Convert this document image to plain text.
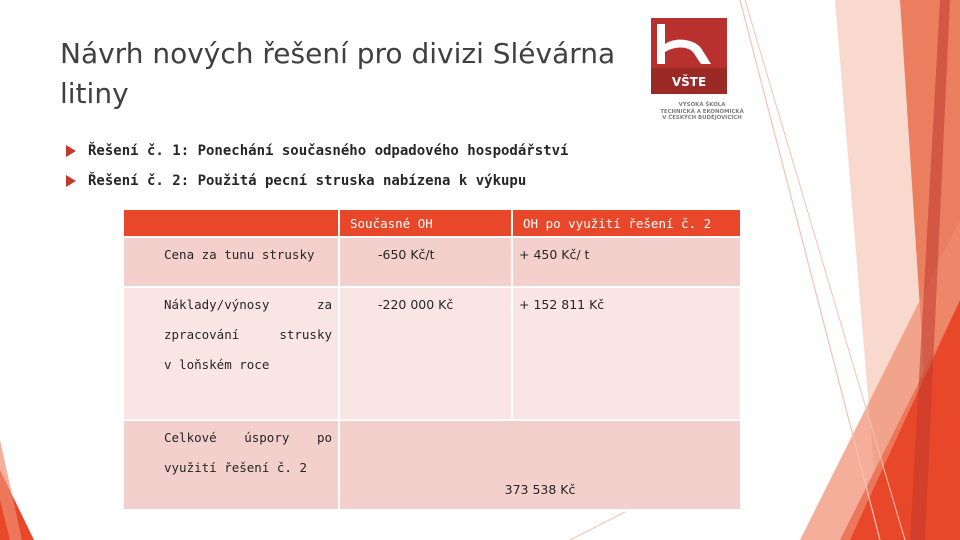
Návrh nových řešení pro divizi Slévárna litiny	VŠTE
VYSOKÁ ŠKOLA
TECHNICKÁ A EKONOMICKÁ
V ČESKÝCH BUDĚJOVICÍCH
Řešení č. 1: Ponechání současného odpadového hospodářství
Řešení č. 2: Použitá pecní struska nabízena k výkupu

	Současné OH	OH po využití řešení č. 2

Cena za tunu strusky	-650 Kč/t	+ 450 Kč/ t

Náklady/výnosy za
zpracování strusky
v loňském roce	-220 000 Kč	+ 152 811 Kč

Celkové úspory po
využití řešení č. 2	373 538 Kč	
